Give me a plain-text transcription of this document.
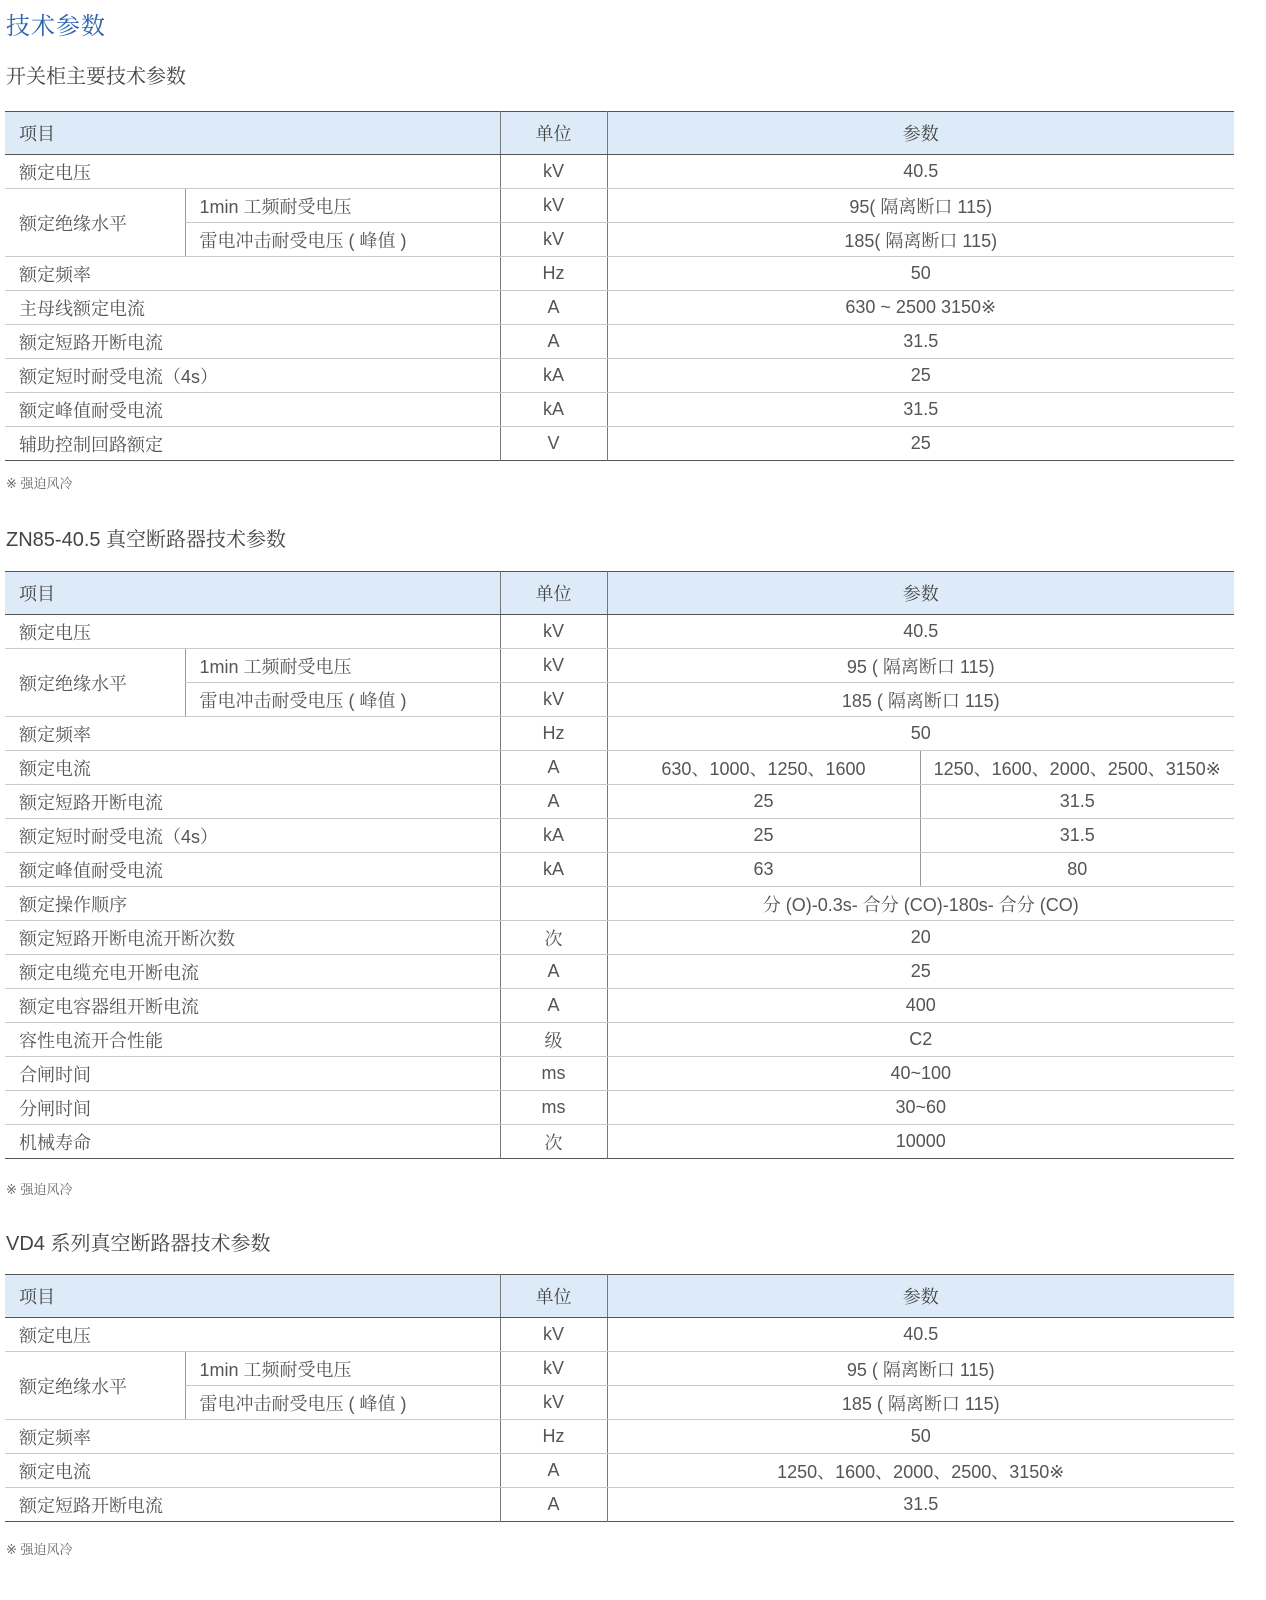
技术参数
开关柜主要技术参数
项目		单位	参数
额定电压		kV	40.5
额定绝缘水平	1min 工频耐受电压	kV	95( 隔离断口 115)
	雷电冲击耐受电压 ( 峰值 )	kV	185( 隔离断口 115)
额定频率		Hz	50
主母线额定电流		A	630 ~ 2500 3150※
额定短路开断电流		A	31.5
额定短时耐受电流（4s）		kA	25
额定峰值耐受电流		kA	31.5
辅助控制回路额定		V	25
※ 强迫风冷
ZN85-40.5 真空断路器技术参数
项目		单位	参数	
额定电压		kV	40.5	
额定绝缘水平	1min 工频耐受电压	kV	95 ( 隔离断口 115)	
	雷电冲击耐受电压 ( 峰值 )	kV	185 ( 隔离断口 115)	
额定频率		Hz	50	
额定电流		A	630、1000、1250、1600	1250、1600、2000、2500、3150※
额定短路开断电流		A	25	31.5
额定短时耐受电流（4s）		kA	25	31.5
额定峰值耐受电流		kA	63	80
额定操作顺序			分 (O)-0.3s- 合分 (CO)-180s- 合分 (CO)	
额定短路开断电流开断次数		次	20	
额定电缆充电开断电流		A	25	
额定电容器组开断电流		A	400	
容性电流开合性能		级	C2	
合闸时间		ms	40~100	
分闸时间		ms	30~60	
机械寿命		次	10000	
※ 强迫风冷
VD4 系列真空断路器技术参数
项目		单位	参数
额定电压		kV	40.5
额定绝缘水平	1min 工频耐受电压	kV	95 ( 隔离断口 115)
	雷电冲击耐受电压 ( 峰值 )	kV	185 ( 隔离断口 115)
额定频率		Hz	50
额定电流		A	1250、1600、2000、2500、3150※
额定短路开断电流		A	31.5
※ 强迫风冷
